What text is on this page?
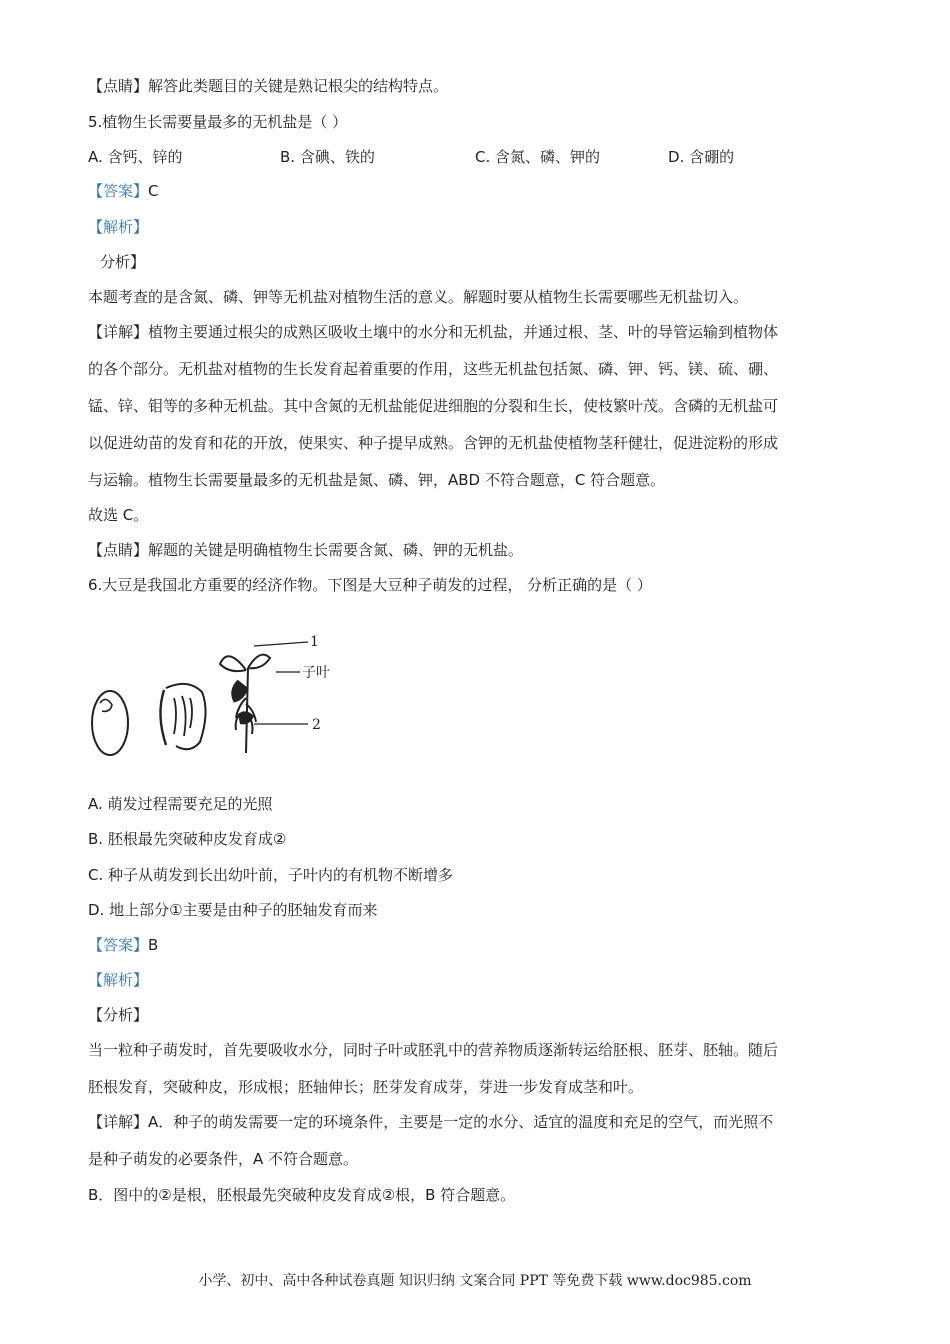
【点睛】解答此类题目的关键是熟记根尖的结构特点。
5.植物生长需要量最多的无机盐是（ ）
A. 含钙、锌的	B. 含碘、铁的	C. 含氮、磷、钾的	D. 含硼的
【答案】C
【解析】
分析】
本题考查的是含氮、磷、钾等无机盐对植物生活的意义。解题时要从植物生长需要哪些无机盐切入。
【详解】植物主要通过根尖的成熟区吸收土壤中的水分和无机盐，并通过根、茎、叶的导管运输到植物体
的各个部分。无机盐对植物的生长发育起着重要的作用，这些无机盐包括氮、磷、钾、钙、镁、硫、硼、
锰、锌、钼等的多种无机盐。其中含氮的无机盐能促进细胞的分裂和生长，使枝繁叶茂。含磷的无机盐可
以促进幼苗的发育和花的开放，使果实、种子提早成熟。含钾的无机盐使植物茎秆健壮，促进淀粉的形成
与运输。植物生长需要量最多的无机盐是氮、磷、钾，ABD 不符合题意，C 符合题意。
故选 C。
【点睛】解题的关键是明确植物生长需要含氮、磷、钾的无机盐。
6.大豆是我国北方重要的经济作物。下图是大豆种子萌发的过程， 分析正确的是（ ）
1
子叶
2
A. 萌发过程需要充足的光照
B. 胚根最先突破种皮发育成②
C. 种子从萌发到长出幼叶前，子叶内的有机物不断增多
D. 地上部分①主要是由种子的胚轴发育而来
【答案】B
【解析】
【分析】
当一粒种子萌发时，首先要吸收水分，同时子叶或胚乳中的营养物质逐渐转运给胚根、胚芽、胚轴。随后
胚根发育，突破种皮，形成根；胚轴伸长；胚芽发育成芽，芽进一步发育成茎和叶。
【详解】A．种子的萌发需要一定的环境条件，主要是一定的水分、适宜的温度和充足的空气，而光照不
是种子萌发的必要条件，A 不符合题意。
B．图中的②是根，胚根最先突破种皮发育成②根，B 符合题意。
小学、初中、高中各种试卷真题 知识归纳 文案合同 PPT 等免费下载 www.doc985.com
